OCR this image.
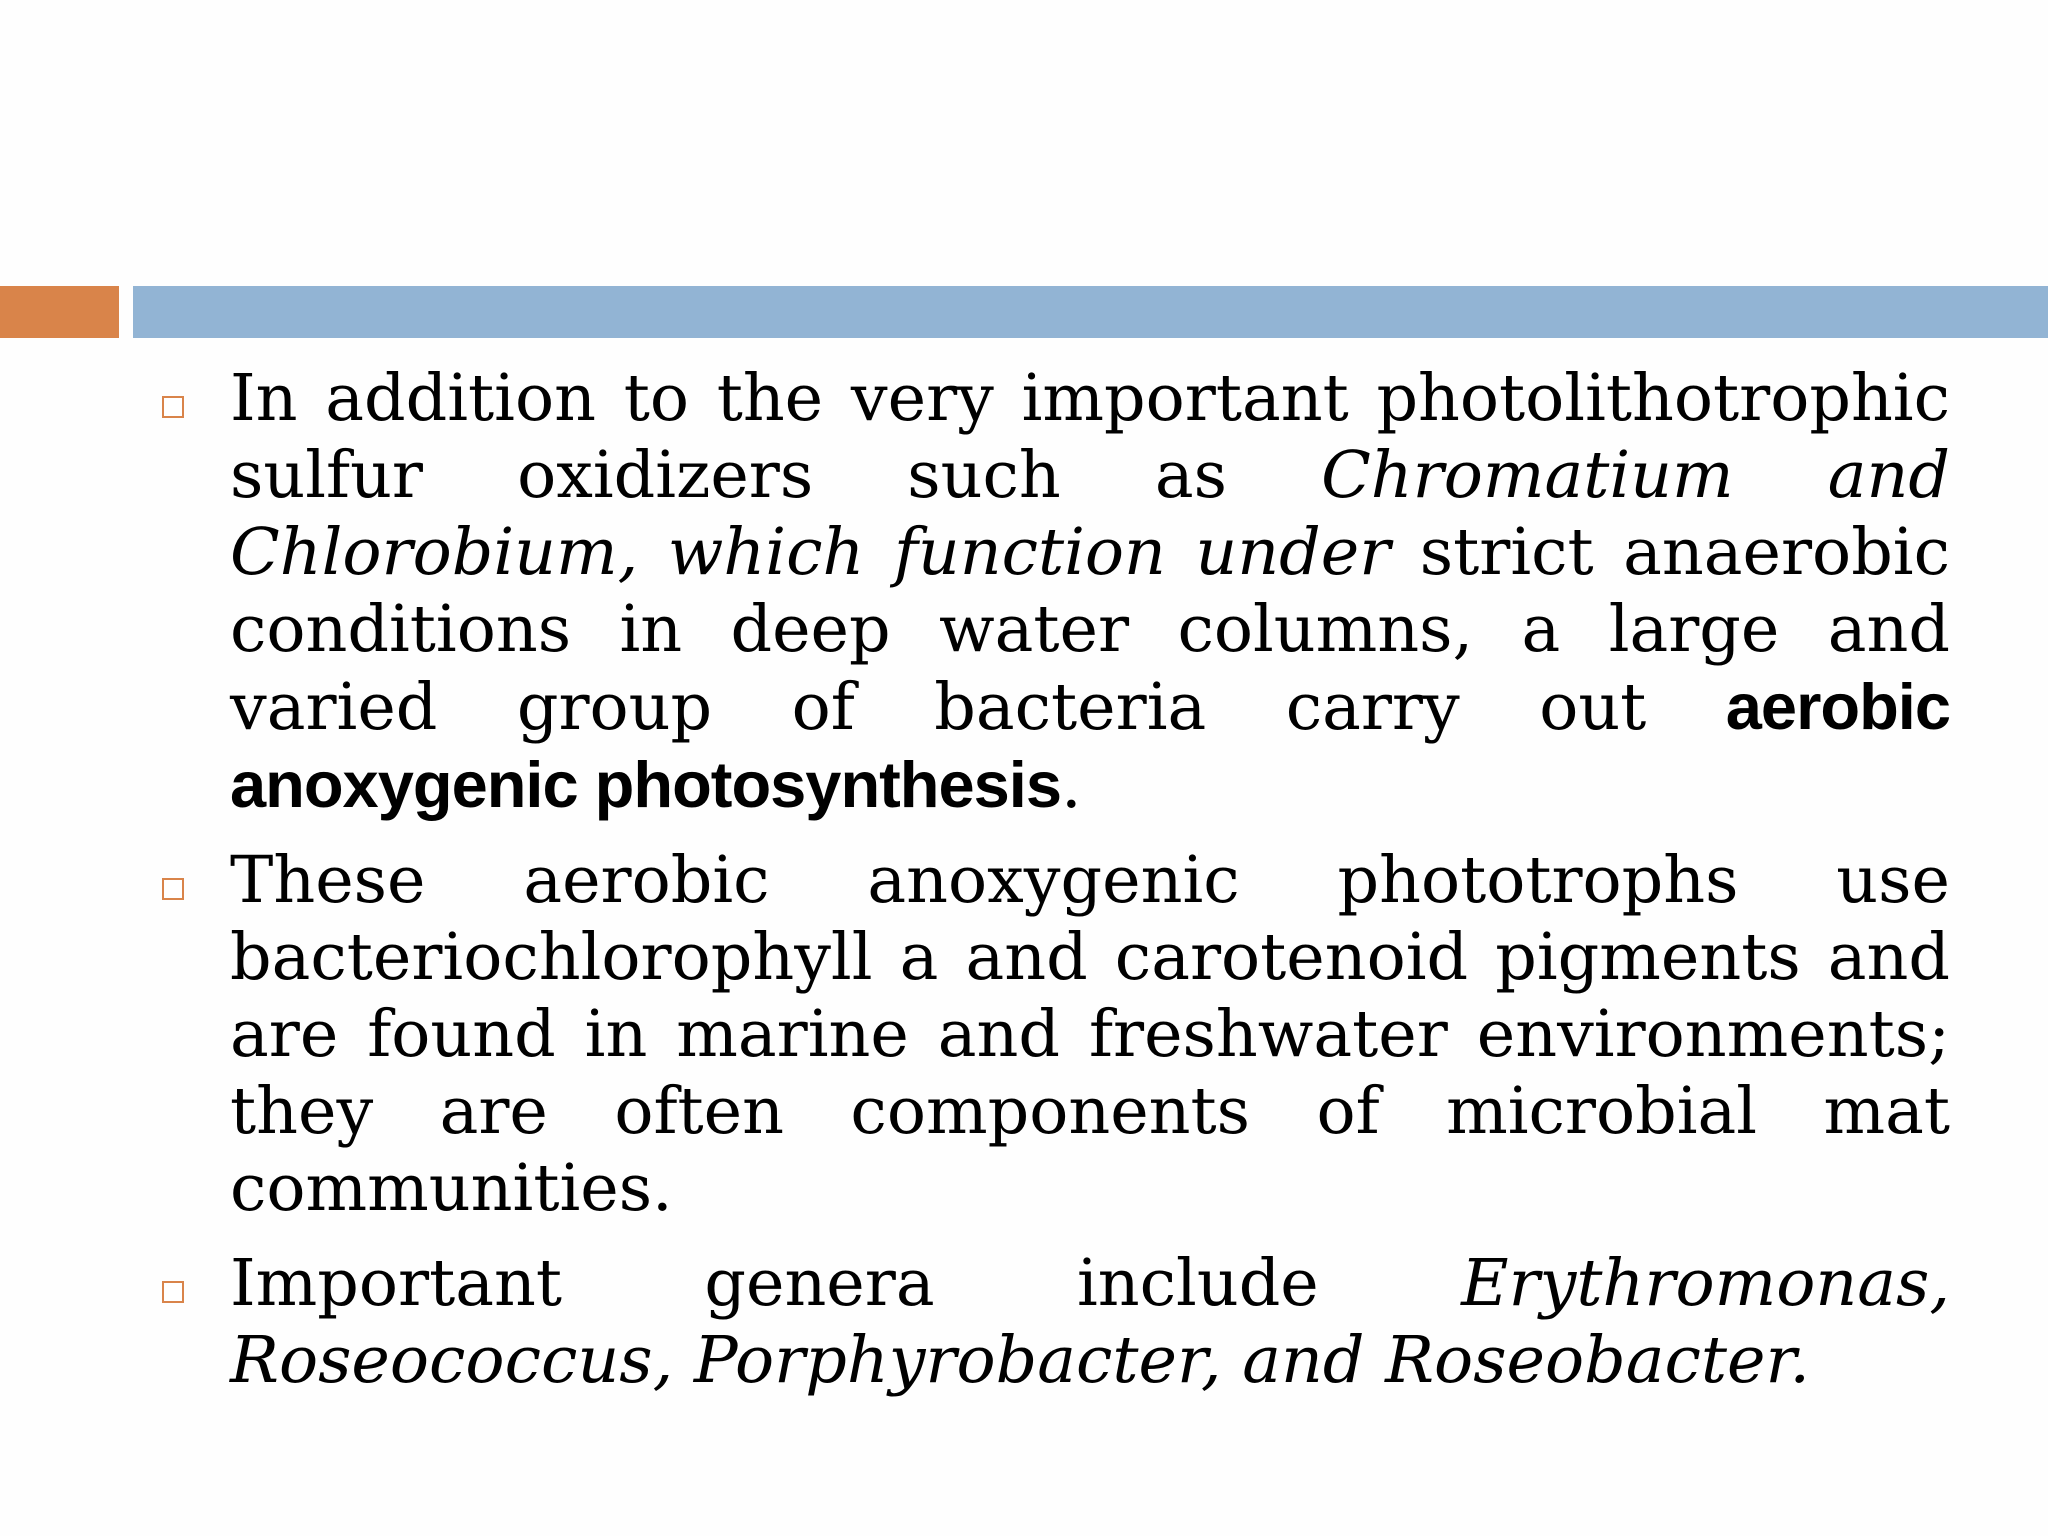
In addition to the very important photolithotrophic sulfur oxidizers such as Chromatium and Chlorobium, which function under strict anaerobic conditions in deep water columns, a large and varied group of bacteria carry out aerobic anoxygenic photosynthesis.
These aerobic anoxygenic phototrophs use bacteriochlorophyll a and carotenoid pigments and are found in marine and freshwater environments; they are often components of microbial mat communities.
Important genera include Erythromonas, Roseococcus, Porphyrobacter, and Roseobacter.
